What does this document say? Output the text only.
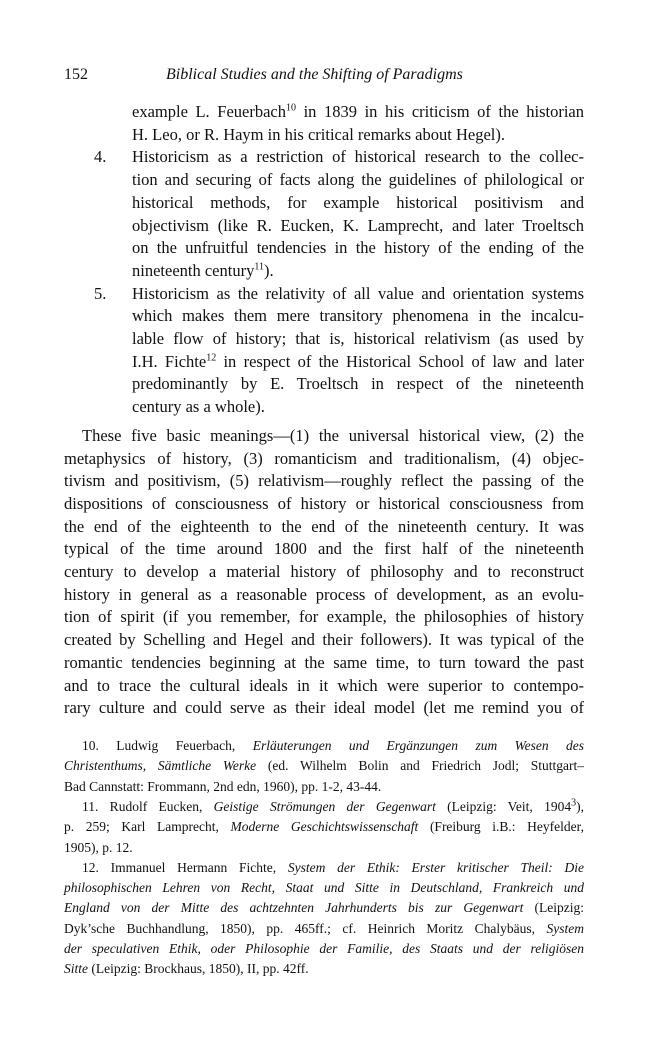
152	Biblical Studies and the Shifting of Paradigms
example L. Feuerbach$^{10}$ in 1839 in his criticism of the historian
H. Leo, or R. Haym in his critical remarks about Hegel).
4. Historicism as a restriction of historical research to the collec-
tion and securing of facts along the guidelines of philological or
historical methods, for example historical positivism and
objectivism (like R. Eucken, K. Lamprecht, and later Troeltsch
on the unfruitful tendencies in the history of the ending of the
nineteenth century$^{11}$).
5. Historicism as the relativity of all value and orientation systems
which makes them mere transitory phenomena in the incalcu-
lable flow of history; that is, historical relativism (as used by
I.H. Fichte$^{12}$ in respect of the Historical School of law and later
predominantly by E. Troeltsch in respect of the nineteenth
century as a whole).
These five basic meanings—(1) the universal historical view, (2) the
metaphysics of history, (3) romanticism and traditionalism, (4) objec-
tivism and positivism, (5) relativism—roughly reflect the passing of the
dispositions of consciousness of history or historical consciousness from
the end of the eighteenth to the end of the nineteenth century. It was
typical of the time around 1800 and the first half of the nineteenth
century to develop a material history of philosophy and to reconstruct
history in general as a reasonable process of development, as an evolu-
tion of spirit (if you remember, for example, the philosophies of history
created by Schelling and Hegel and their followers). It was typical of the
romantic tendencies beginning at the same time, to turn toward the past
and to trace the cultural ideals in it which were superior to contempo-
rary culture and could serve as their ideal model (let me remind you of
10. Ludwig Feuerbach, Erläuterungen und Ergänzungen zum Wesen des
Christenthums, Sämtliche Werke (ed. Wilhelm Bolin and Friedrich Jodl; Stuttgart–
Bad Cannstatt: Frommann, 2nd edn, 1960), pp. 1-2, 43-44.
11. Rudolf Eucken, Geistige Strömungen der Gegenwart (Leipzig: Veit, 1904$^3$),
p. 259; Karl Lamprecht, Moderne Geschichtswissenschaft (Freiburg i.B.: Heyfelder,
1905), p. 12.
12. Immanuel Hermann Fichte, System der Ethik: Erster kritischer Theil: Die
philosophischen Lehren von Recht, Staat und Sitte in Deutschland, Frankreich und
England von der Mitte des achtzehnten Jahrhunderts bis zur Gegenwart (Leipzig:
Dyk’sche Buchhandlung, 1850), pp. 465ff.; cf. Heinrich Moritz Chalybäus, System
der speculativen Ethik, oder Philosophie der Familie, des Staats und der religiösen
Sitte (Leipzig: Brockhaus, 1850), II, pp. 42ff.
